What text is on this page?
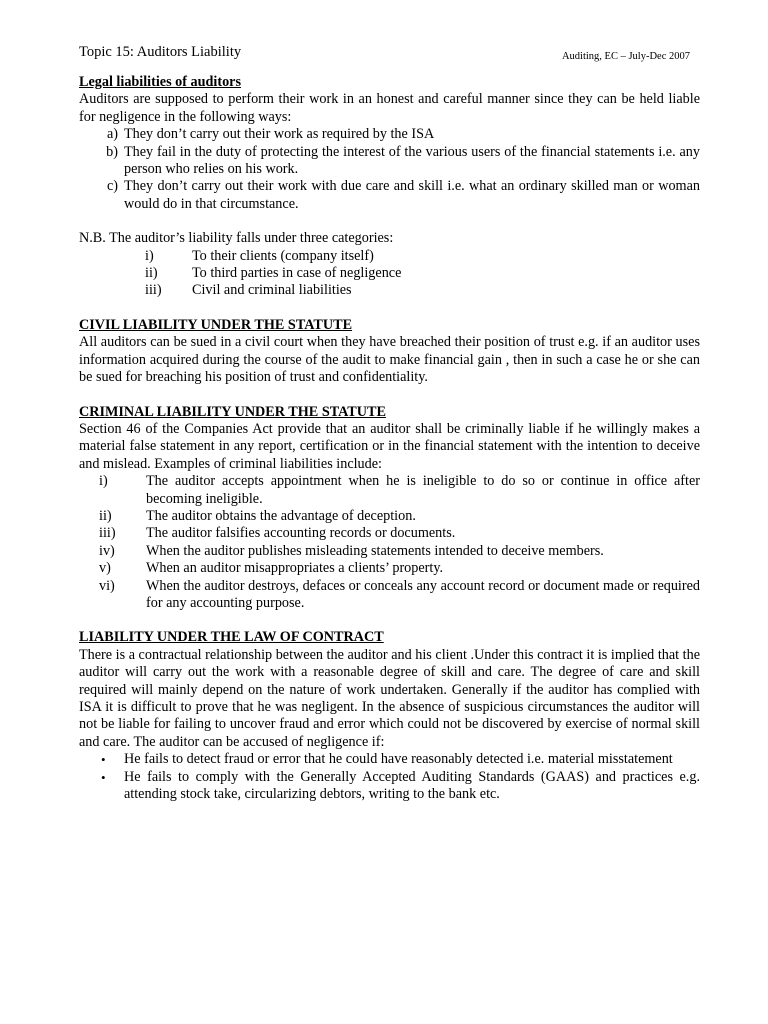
Topic 15: Auditors Liability	Auditing, EC – July-Dec 2007

Legal liabilities of auditors

Auditors are supposed to perform their work in an honest and careful manner since they can be held liable for negligence in the following ways:

a) They don’t carry out their work as required by the ISA
b) They fail in the duty of protecting the interest of the various users of the financial statements i.e. any person who relies on his work.
c) They don’t carry out their work with due care and skill i.e. what an ordinary skilled man or woman would do in that circumstance.

N.B. The auditor’s liability falls under three categories:

i)	To their clients (company itself)
ii)	To third parties in case of negligence
iii)	Civil and criminal liabilities

CIVIL LIABILITY UNDER THE STATUTE

All auditors can be sued in a civil court when they have breached their position of trust e.g. if an auditor uses information acquired during the course of the audit to make financial gain , then in such a case he or she can be sued for breaching his position of trust and confidentiality.

CRIMINAL LIABILITY UNDER THE STATUTE

Section 46 of the Companies Act provide that an auditor shall be criminally liable if he willingly makes a material false statement in any report, certification or in the financial statement with the intention to deceive and mislead. Examples of criminal liabilities include:

i)	The auditor accepts appointment when he is ineligible to do so or continue in office after becoming ineligible.
ii)	The auditor obtains the advantage of deception.
iii)	The auditor falsifies accounting records or documents.
iv)	When the auditor publishes misleading statements intended to deceive members.
v)	When an auditor misappropriates a clients’ property.
vi)	When the auditor destroys, defaces or conceals any account record or document made or required for any accounting purpose.

LIABILITY UNDER THE LAW OF CONTRACT

There is a contractual relationship between the auditor and his client .Under this contract it is implied that the auditor will carry out the work with a reasonable degree of skill and care. The degree of care and skill required will mainly depend on the nature of work undertaken. Generally if the auditor has complied with ISA it is difficult to prove that he was negligent. In the absence of suspicious circumstances the auditor will not be liable for failing to uncover fraud and error which could not be discovered by exercise of normal skill and care. The auditor can be accused of negligence if:

•	He fails to detect fraud or error that he could have reasonably detected i.e. material misstatement
•	He fails to comply with the Generally Accepted Auditing Standards (GAAS) and practices e.g. attending stock take, circularizing debtors, writing to the bank etc.
